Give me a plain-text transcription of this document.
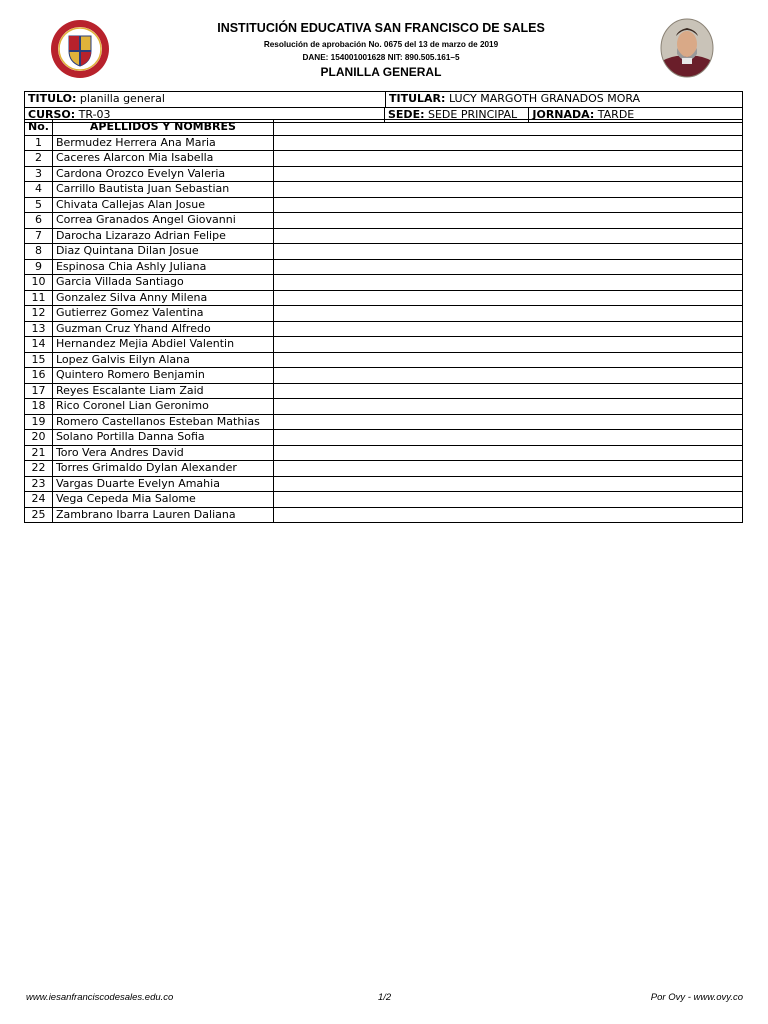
INSTITUCIÓN EDUCATIVA SAN FRANCISCO DE SALES
Resolución de aprobación No. 0675 del 13 de marzo de 2019
DANE: 154001001628 NIT: 890.505.161–5
PLANILLA GENERAL
TITULO: planilla general	TITULAR: LUCY MARGOTH GRANADOS MORA	
CURSO: TR-03	SEDE: SEDE PRINCIPAL	JORNADA: TARDE
No.	APELLIDOS Y NOMBRES	
1	Bermudez Herrera Ana Maria	
2	Caceres Alarcon Mia Isabella	
3	Cardona Orozco Evelyn Valeria	
4	Carrillo Bautista Juan Sebastian	
5	Chivata Callejas Alan Josue	
6	Correa Granados Angel Giovanni	
7	Darocha Lizarazo Adrian Felipe	
8	Diaz Quintana Dilan Josue	
9	Espinosa Chia Ashly Juliana	
10	Garcia Villada Santiago	
11	Gonzalez Silva Anny Milena	
12	Gutierrez Gomez Valentina	
13	Guzman Cruz Yhand Alfredo	
14	Hernandez Mejia Abdiel Valentin	
15	Lopez Galvis Eilyn Alana	
16	Quintero Romero Benjamin	
17	Reyes Escalante Liam Zaid	
18	Rico Coronel Lian Geronimo	
19	Romero Castellanos Esteban Mathias	
20	Solano Portilla Danna Sofia	
21	Toro Vera Andres David	
22	Torres Grimaldo Dylan Alexander	
23	Vargas Duarte Evelyn Amahia	
24	Vega Cepeda Mia Salome	
25	Zambrano Ibarra Lauren Daliana	
www.iesanfranciscodesales.edu.co	1/2	Por Ovy - www.ovy.co
